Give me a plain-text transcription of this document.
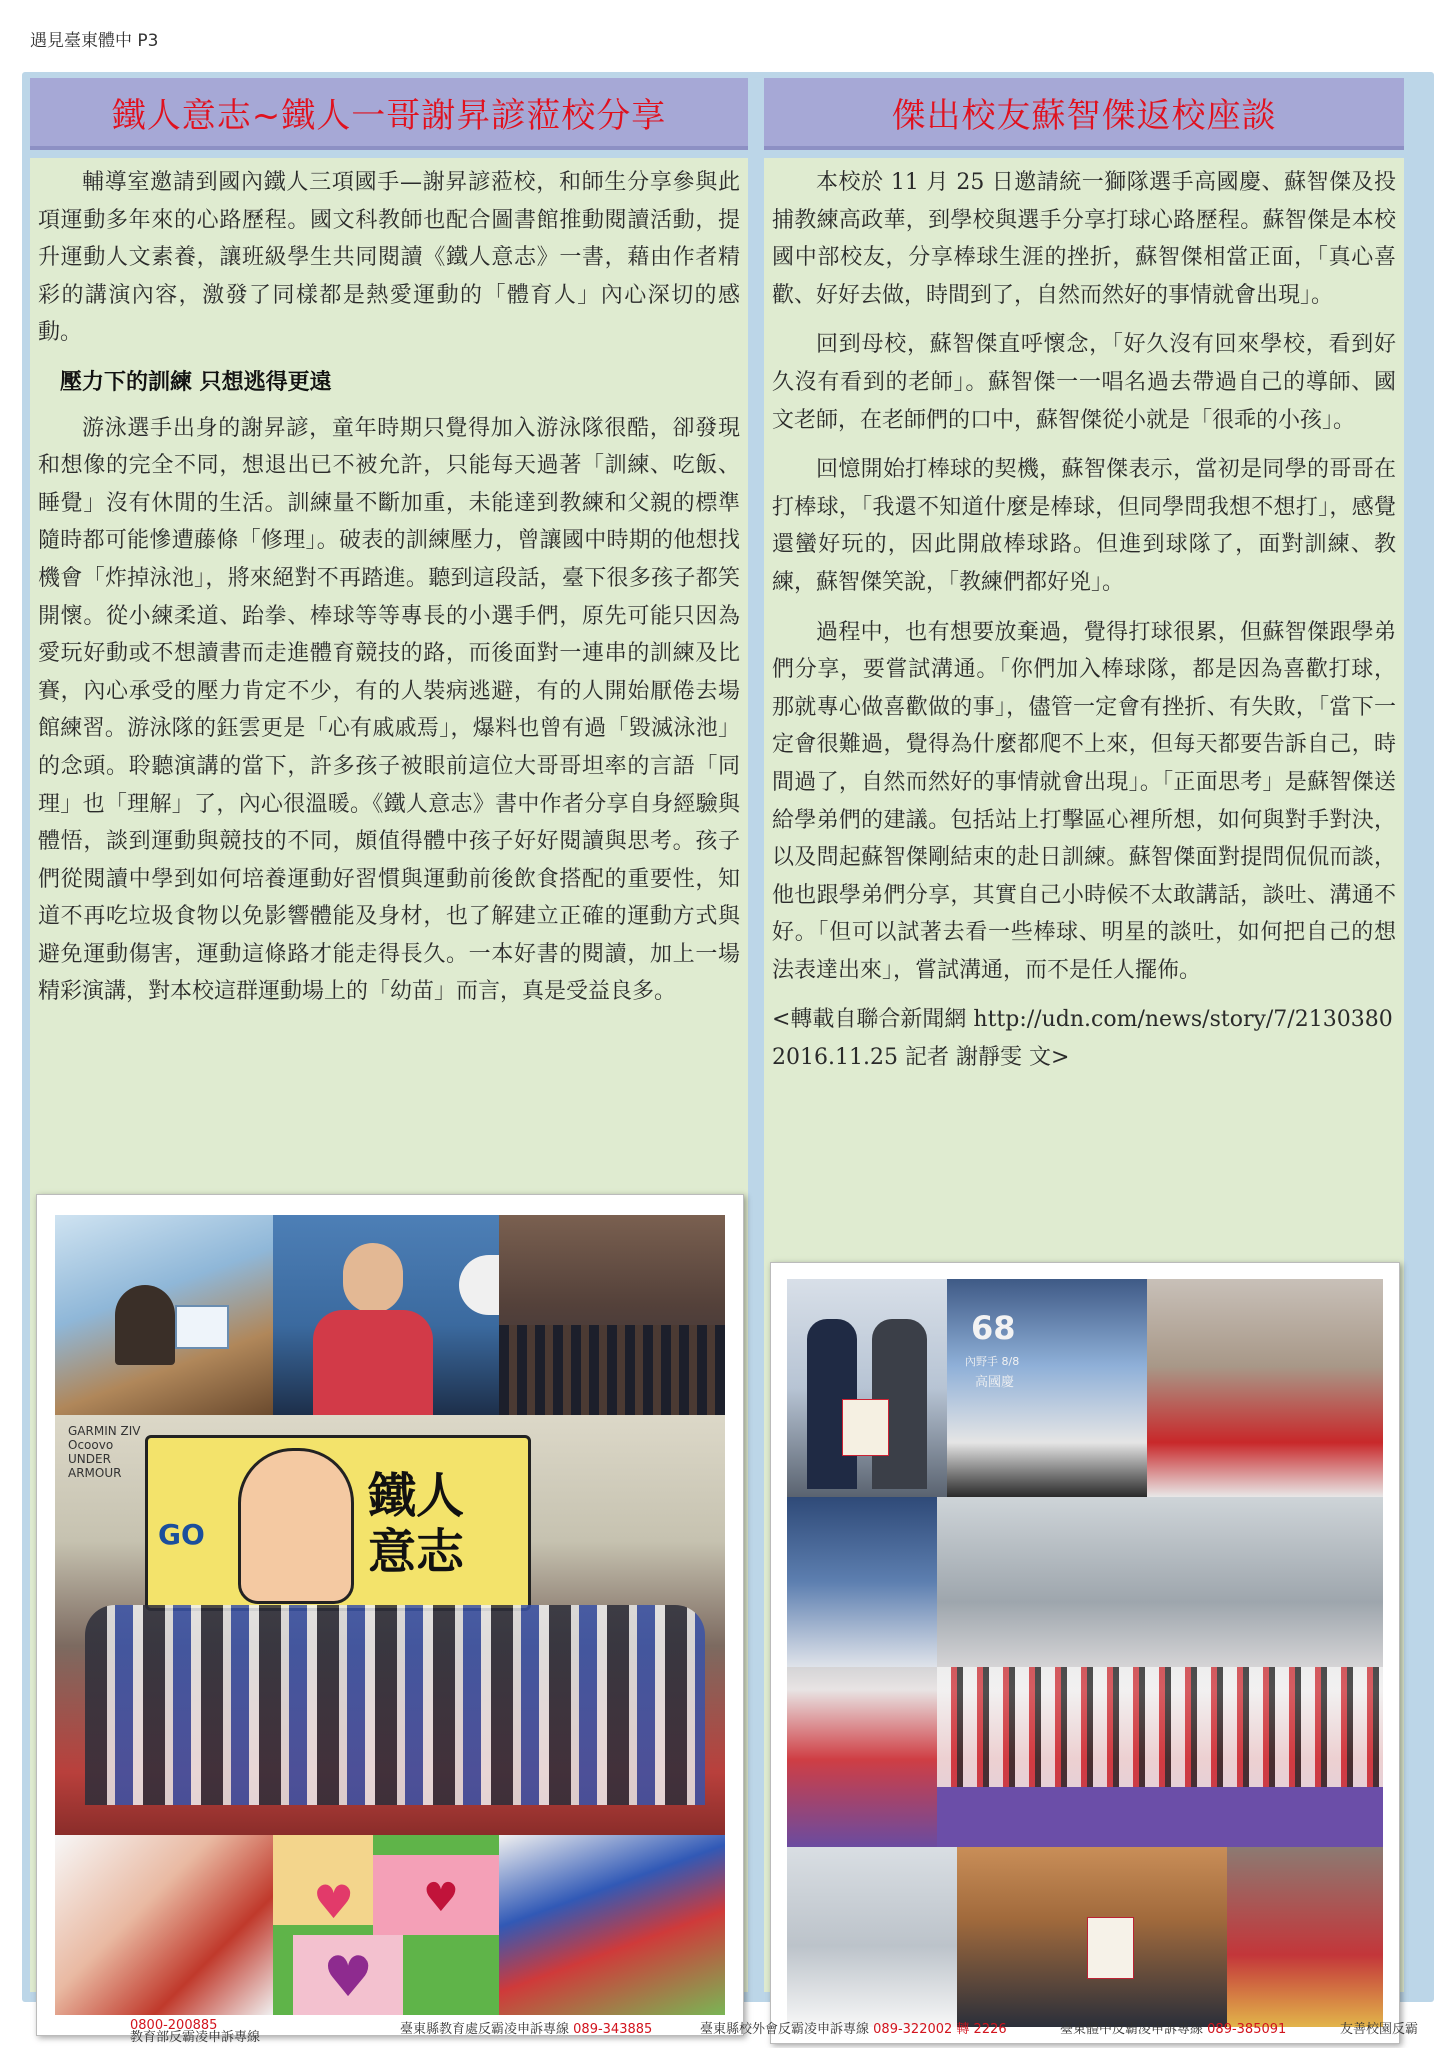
遇見臺東體中 P3
鐵人意志~鐵人一哥謝昇諺蒞校分享

輔導室邀請到國內鐵人三項國手—謝昇諺蒞校，和師生分享參與此項運動多年來的心路歷程。國文科教師也配合圖書館推動閱讀活動，提升運動人文素養，讓班級學生共同閱讀《鐵人意志》一書，藉由作者精彩的講演內容，激發了同樣都是熱愛運動的「體育人」內心深切的感動。

壓力下的訓練 只想逃得更遠

游泳選手出身的謝昇諺，童年時期只覺得加入游泳隊很酷，卻發現和想像的完全不同，想退出已不被允許，只能每天過著「訓練、吃飯、睡覺」沒有休閒的生活。訓練量不斷加重，未能達到教練和父親的標準隨時都可能慘遭藤條「修理」。破表的訓練壓力，曾讓國中時期的他想找機會「炸掉泳池」，將來絕對不再踏進。聽到這段話，臺下很多孩子都笑開懷。從小練柔道、跆拳、棒球等等專長的小選手們，原先可能只因為愛玩好動或不想讀書而走進體育競技的路，而後面對一連串的訓練及比賽，內心承受的壓力肯定不少，有的人裝病逃避，有的人開始厭倦去場館練習。游泳隊的鈺雲更是「心有戚戚焉」，爆料也曾有過「毀滅泳池」的念頭。聆聽演講的當下，許多孩子被眼前這位大哥哥坦率的言語「同理」也「理解」了，內心很溫暖。《鐵人意志》書中作者分享自身經驗與體悟，談到運動與競技的不同，頗值得體中孩子好好閱讀與思考。孩子們從閱讀中學到如何培養運動好習慣與運動前後飲食搭配的重要性，知道不再吃垃圾食物以免影響體能及身材，也了解建立正確的運動方式與避免運動傷害，運動這條路才能走得長久。一本好書的閱讀，加上一場精彩演講，對本校這群運動場上的「幼苗」而言，真是受益良多。

GARMIN ZIV Ocoovo UNDER ARMOUR
GO
鐵人意志
♥ ♥
♥
傑出校友蘇智傑返校座談

本校於 11 月 25 日邀請統一獅隊選手高國慶、蘇智傑及投捕教練高政華，到學校與選手分享打球心路歷程。蘇智傑是本校國中部校友，分享棒球生涯的挫折，蘇智傑相當正面，「真心喜歡、好好去做，時間到了，自然而然好的事情就會出現」。

回到母校，蘇智傑直呼懷念，「好久沒有回來學校，看到好久沒有看到的老師」。蘇智傑一一唱名過去帶過自己的導師、國文老師，在老師們的口中，蘇智傑從小就是「很乖的小孩」。

回憶開始打棒球的契機，蘇智傑表示，當初是同學的哥哥在打棒球，「我還不知道什麼是棒球，但同學問我想不想打」，感覺還蠻好玩的，因此開啟棒球路。但進到球隊了，面對訓練、教練，蘇智傑笑說，「教練們都好兇」。

過程中，也有想要放棄過，覺得打球很累，但蘇智傑跟學弟們分享，要嘗試溝通。「你們加入棒球隊，都是因為喜歡打球，那就專心做喜歡做的事」，儘管一定會有挫折、有失敗，「當下一定會很難過，覺得為什麼都爬不上來，但每天都要告訴自己，時間過了，自然而然好的事情就會出現」。「正面思考」是蘇智傑送給學弟們的建議。包括站上打擊區心裡所想，如何與對手對決，以及問起蘇智傑剛結束的赴日訓練。蘇智傑面對提問侃侃而談，他也跟學弟們分享，其實自己小時候不太敢講話，談吐、溝通不好。「但可以試著去看一些棒球、明星的談吐，如何把自己的想法表達出來」，嘗試溝通，而不是任人擺佈。

<轉載自聯合新聞網 http://udn.com/news/story/7/2130380
2016.11.25 記者 謝靜雯 文>
68
內野手 8/8
高國慶
教育部反霸凌申訴專線
0800-200885	臺東縣教育處反霸凌申訴專線 089-343885	臺東縣校外會反霸凌申訴專線 089-322002 轉 2226	臺東體中反霸凌申訴專線 089-385091	友善校園反霸
